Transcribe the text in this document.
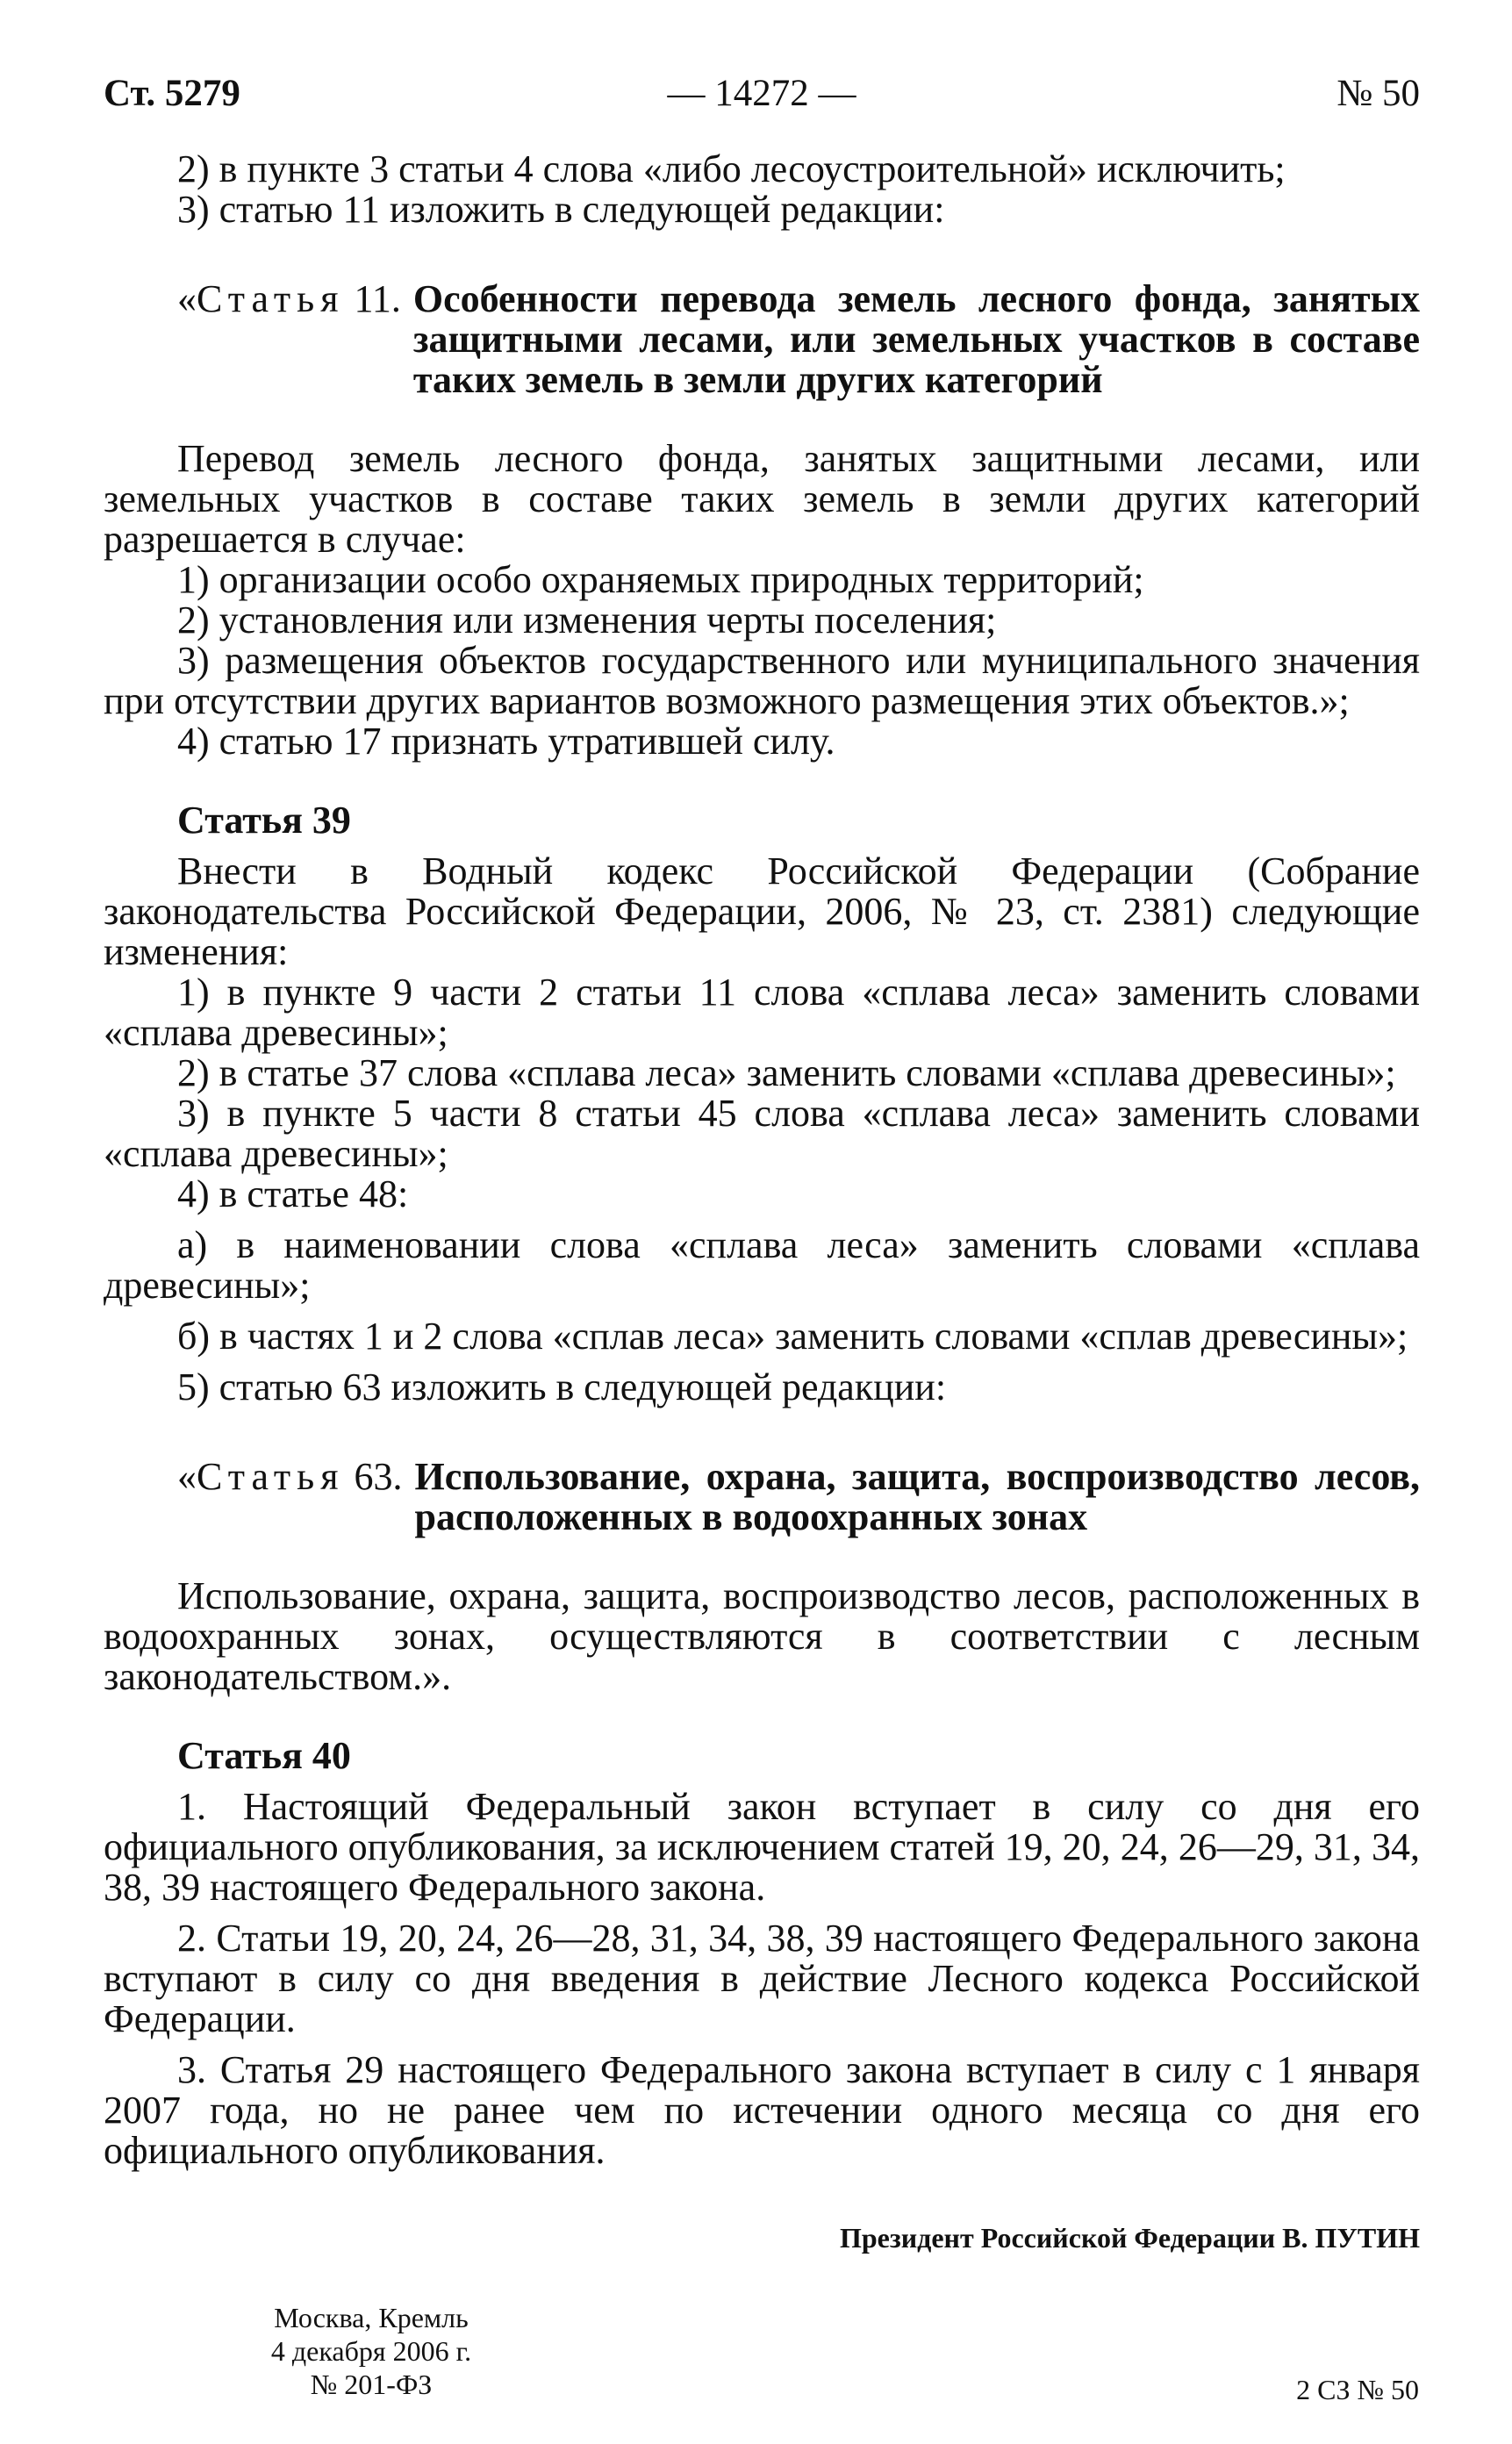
Ст. 5279	— 14272 —	№ 50

2) в пункте 3 статьи 4 слова «либо лесоустроительной» исключить;

3) статью 11 изложить в следующей редакции:

«Статья 11. Особенности перевода земель лесного фонда, занятых защитными лесами, или земельных участков в составе таких земель в земли других категорий

Перевод земель лесного фонда, занятых защитными лесами, или земельных участков в составе таких земель в земли других категорий разрешается в случае:

1) организации особо охраняемых природных территорий;

2) установления или изменения черты поселения;

3) размещения объектов государственного или муниципального значения при отсутствии других вариантов возможного размещения этих объектов.»;

4) статью 17 признать утратившей силу.

Статья 39

Внести в Водный кодекс Российской Федерации (Собрание законодательства Российской Федерации, 2006, № 23, ст. 2381) следующие изменения:

1) в пункте 9 части 2 статьи 11 слова «сплава леса» заменить словами «сплава древесины»;

2) в статье 37 слова «сплава леса» заменить словами «сплава древесины»;

3) в пункте 5 части 8 статьи 45 слова «сплава леса» заменить словами «сплава древесины»;

4) в статье 48:

а) в наименовании слова «сплава леса» заменить словами «сплава древесины»;

б) в частях 1 и 2 слова «сплав леса» заменить словами «сплав древесины»;

5) статью 63 изложить в следующей редакции:

«Статья 63. Использование, охрана, защита, воспроизводство лесов, расположенных в водоохранных зонах

Использование, охрана, защита, воспроизводство лесов, расположенных в водоохранных зонах, осуществляются в соответствии с лесным законодательством.».

Статья 40

1. Настоящий Федеральный закон вступает в силу со дня его официального опубликования, за исключением статей 19, 20, 24, 26—29, 31, 34, 38, 39 настоящего Федерального закона.

2. Статьи 19, 20, 24, 26—28, 31, 34, 38, 39 настоящего Федерального закона вступают в силу со дня введения в действие Лесного кодекса Российской Федерации.

3. Статья 29 настоящего Федерального закона вступает в силу с 1 января 2007 года, но не ранее чем по истечении одного месяца со дня его официального опубликования.

Президент Российской Федерации В. ПУТИН
Москва, Кремль
4 декабря 2006 г.
№ 201-ФЗ	2 СЗ № 50
